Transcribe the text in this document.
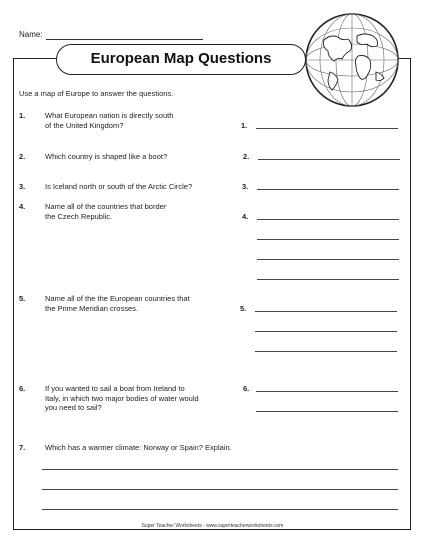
Name:
European Map Questions
Use a map of Europe to answer the questions.
1.	What European nation is directly south
of the United Kingdom?	1.
2.	Which country is shaped like a boot?	2.
3.	Is Iceland north or south of the Arctic Circle?	3.
4.	Name all of the countries that border
the Czech Republic.	4.
5.	Name all of the the European countries that
the Prime Meridian crosses.	5.
6.	If you wanted to sail a boat from Ireland to
Italy, in which two major bodies of water would
you need to sail?
6.
7.	Which has a warmer climate: Norway or Spain? Explain.
Super Teacher Worksheets - www.superteacherworksheets.com
